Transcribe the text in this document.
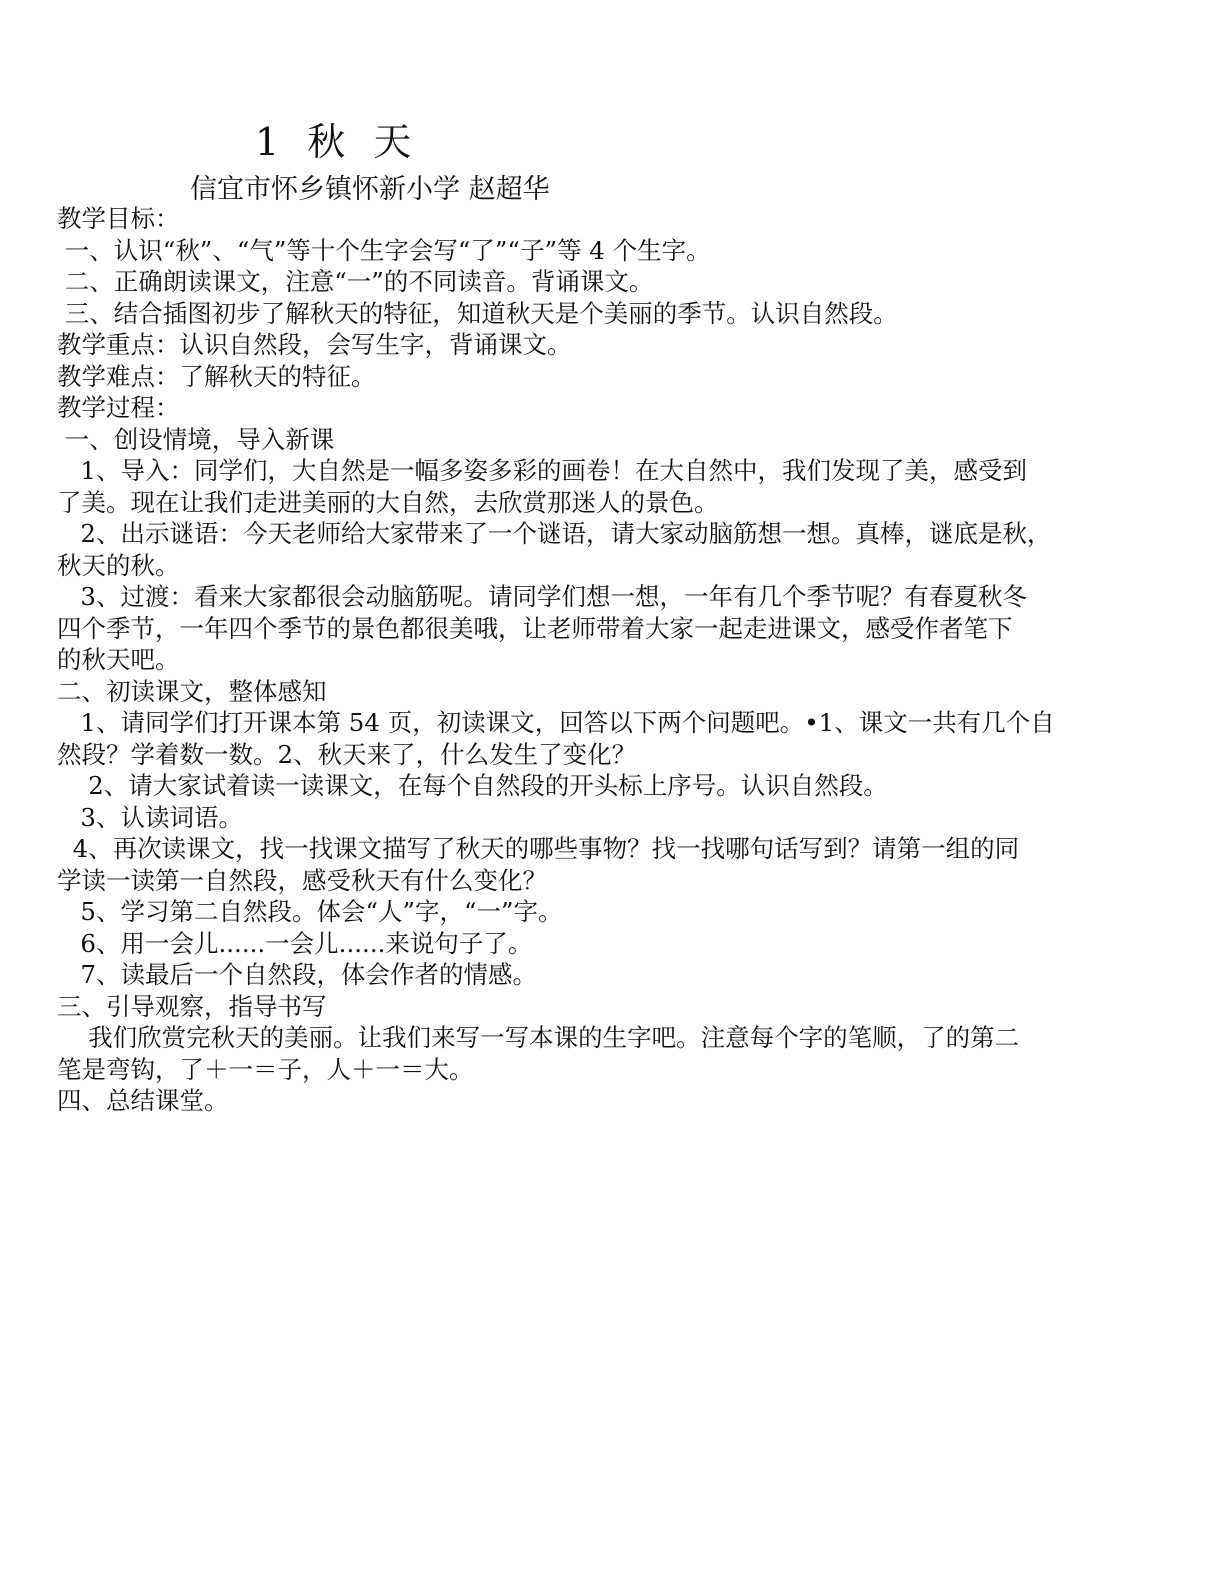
1 秋 天
信宜市怀乡镇怀新小学 赵超华
教学目标：
一、认识“秋”、“气”等十个生字会写“了”“子”等 4 个生字。
二、正确朗读课文，注意“一”的不同读音。背诵课文。
三、结合插图初步了解秋天的特征，知道秋天是个美丽的季节。认识自然段。
教学重点：认识自然段，会写生字，背诵课文。
教学难点：了解秋天的特征。
教学过程：
一、创设情境，导入新课
1、导入：同学们，大自然是一幅多姿多彩的画卷！在大自然中，我们发现了美，感受到
了美。现在让我们走进美丽的大自然，去欣赏那迷人的景色。
2、出示谜语：今天老师给大家带来了一个谜语，请大家动脑筋想一想。真棒，谜底是秋，
秋天的秋。
3、过渡：看来大家都很会动脑筋呢。请同学们想一想，一年有几个季节呢？有春夏秋冬
四个季节，一年四个季节的景色都很美哦，让老师带着大家一起走进课文，感受作者笔下
的秋天吧。
二、初读课文，整体感知
1、请同学们打开课本第 54 页，初读课文，回答以下两个问题吧。•1、课文一共有几个自
然段？学着数一数。2、秋天来了，什么发生了变化？
2、请大家试着读一读课文，在每个自然段的开头标上序号。认识自然段。
3、认读词语。
4、再次读课文，找一找课文描写了秋天的哪些事物？找一找哪句话写到？请第一组的同
学读一读第一自然段，感受秋天有什么变化？
5、学习第二自然段。体会“人”字，“一”字。
6、用一会儿......一会儿......来说句子了。
7、读最后一个自然段，体会作者的情感。
三、引导观察，指导书写
我们欣赏完秋天的美丽。让我们来写一写本课的生字吧。注意每个字的笔顺，了的第二
笔是弯钩，了＋一＝子，人＋一＝大。
四、总结课堂。
